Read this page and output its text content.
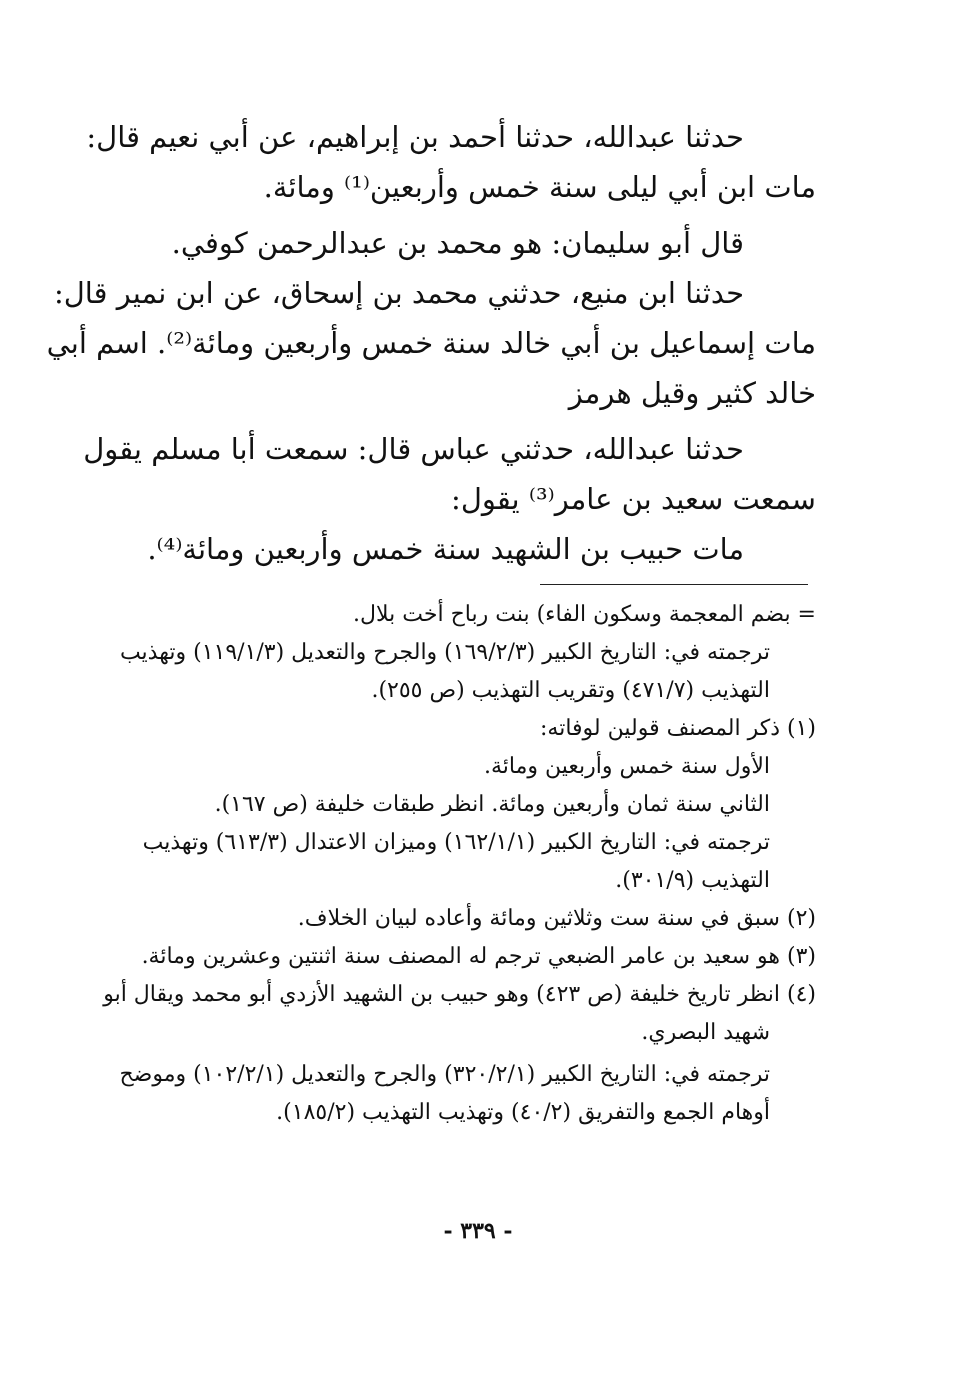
حدثنا عبدالله، حدثنا أحمد بن إبراهيم، عن أبي نعيم قال:
مات ابن أبي ليلى سنة خمس وأربعين⁽¹⁾ ومائة.
قال أبو سليمان: هو محمد بن عبدالرحمن كوفي.
حدثنا ابن منيع، حدثني محمد بن إسحاق، عن ابن نمير قال:
مات إسماعيل بن أبي خالد سنة خمس وأربعين ومائة⁽²⁾. اسم أبي
خالد كثير وقيل هرمز
حدثنا عبدالله، حدثني عباس قال: سمعت أبا مسلم يقول
سمعت سعيد بن عامر⁽³⁾ يقول:
مات حبيب بن الشهيد سنة خمس وأربعين ومائة⁽⁴⁾.
= بضم المعجمة وسكون الفاء) بنت رباح أخت بلال.
ترجمته في: التاريخ الكبير (١٦٩/٢/٣) والجرح والتعديل (١١٩/١/٣) وتهذيب
التهذيب (٤٧١/٧) وتقريب التهذيب (ص ٢٥٥).
(١) ذكر المصنف قولين لوفاته:
الأول سنة خمس وأربعين ومائة.
الثاني سنة ثمان وأربعين ومائة. انظر طبقات خليفة (ص ١٦٧).
ترجمته في: التاريخ الكبير (١٦٢/١/١) وميزان الاعتدال (٦١٣/٣) وتهذيب
التهذيب (٣٠١/٩).
(٢) سبق في سنة ست وثلاثين ومائة وأعاده لبيان الخلاف.
(٣) هو سعيد بن عامر الضبعي ترجم له المصنف سنة اثنتين وعشرين ومائة.
(٤) انظر تاريخ خليفة (ص ٤٢٣) وهو حبيب بن الشهيد الأزدي أبو محمد ويقال أبو
شهيد البصري.
ترجمته في: التاريخ الكبير (٣٢٠/٢/١) والجرح والتعديل (١٠٢/٢/١) وموضح
أوهام الجمع والتفريق (٤٠/٢) وتهذيب التهذيب (١٨٥/٢).
- ٣٣٩ -
